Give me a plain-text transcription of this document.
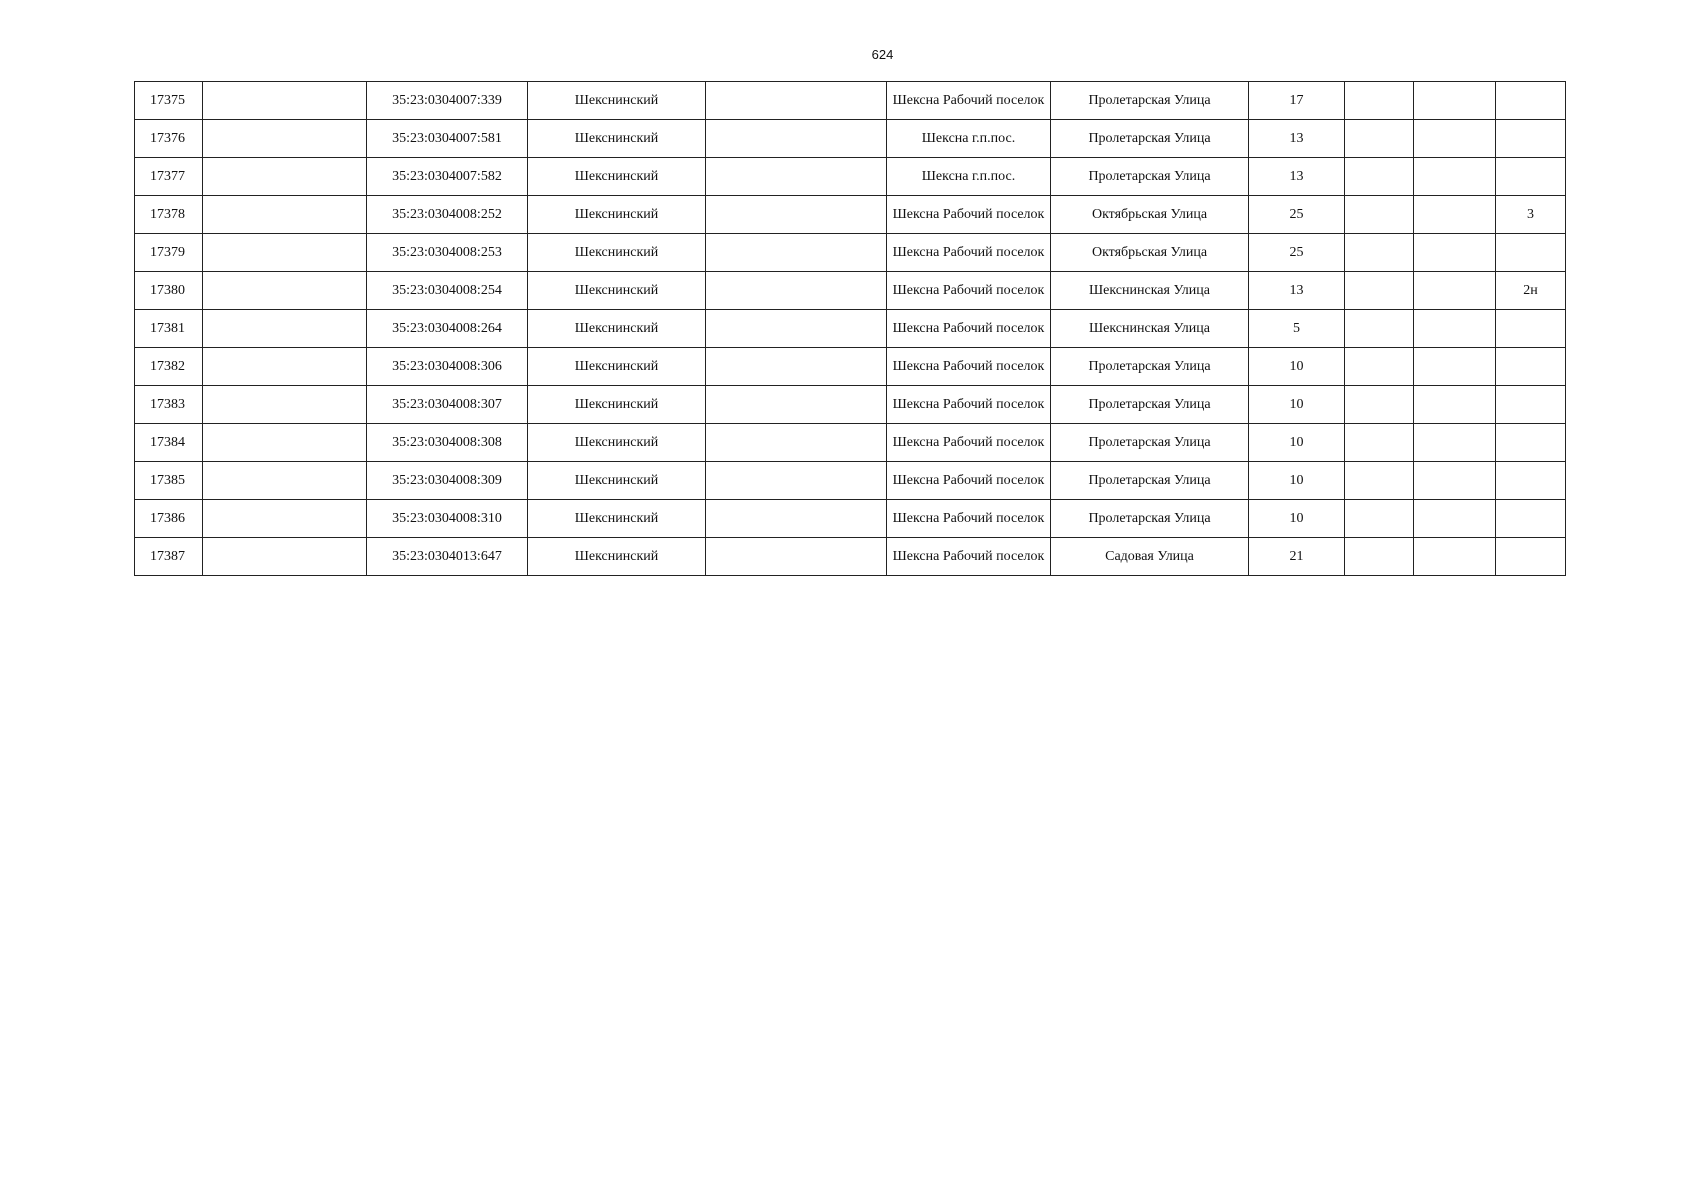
624
17375		35:23:0304007:339	Шекснинский		Шексна Рабочий поселок	Пролетарская Улица	17			
17376		35:23:0304007:581	Шекснинский		Шексна г.п.пос.	Пролетарская Улица	13			
17377		35:23:0304007:582	Шекснинский		Шексна г.п.пос.	Пролетарская Улица	13			
17378		35:23:0304008:252	Шекснинский		Шексна Рабочий поселок	Октябрьская Улица	25			3
17379		35:23:0304008:253	Шекснинский		Шексна Рабочий поселок	Октябрьская Улица	25			
17380		35:23:0304008:254	Шекснинский		Шексна Рабочий поселок	Шекснинская Улица	13			2н
17381		35:23:0304008:264	Шекснинский		Шексна Рабочий поселок	Шекснинская Улица	5			
17382		35:23:0304008:306	Шекснинский		Шексна Рабочий поселок	Пролетарская Улица	10			
17383		35:23:0304008:307	Шекснинский		Шексна Рабочий поселок	Пролетарская Улица	10			
17384		35:23:0304008:308	Шекснинский		Шексна Рабочий поселок	Пролетарская Улица	10			
17385		35:23:0304008:309	Шекснинский		Шексна Рабочий поселок	Пролетарская Улица	10			
17386		35:23:0304008:310	Шекснинский		Шексна Рабочий поселок	Пролетарская Улица	10			
17387		35:23:0304013:647	Шекснинский		Шексна Рабочий поселок	Садовая Улица	21			
